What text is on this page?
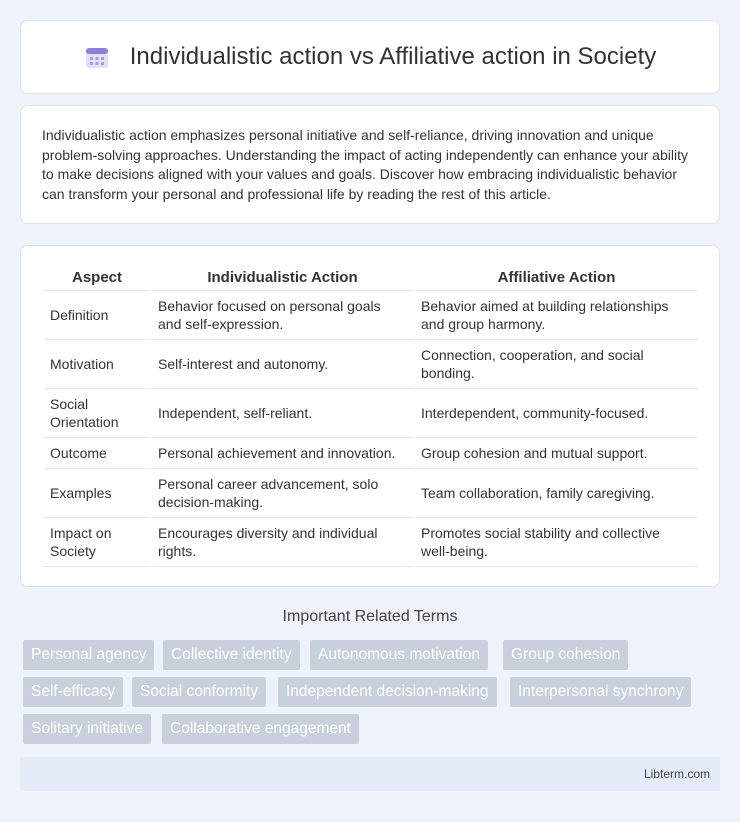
Individualistic action vs Affiliative action in Society

Individualistic action emphasizes personal initiative and self-reliance, driving innovation and unique problem-solving approaches. Understanding the impact of acting independently can enhance your ability to make decisions aligned with your values and goals. Discover how embracing individualistic behavior can transform your personal and professional life by reading the rest of this article.

Aspect	Individualistic Action	Affiliative Action
Definition	Behavior focused on personal goals and self-expression.	Behavior aimed at building relationships and group harmony.
Motivation	Self-interest and autonomy.	Connection, cooperation, and social bonding.
Social Orientation	Independent, self-reliant.	Interdependent, community-focused.
Outcome	Personal achievement and innovation.	Group cohesion and mutual support.
Examples	Personal career advancement, solo decision-making.	Team collaboration, family caregiving.
Impact on Society	Encourages diversity and individual rights.	Promotes social stability and collective well-being.
Important Related Terms
Personal agency	Collective identity	Autonomous motivation	Group cohesion
Self-efficacy	Social conformity	Independent decision-making	Interpersonal synchrony
Solitary initiative	Collaborative engagement
Libterm.com
